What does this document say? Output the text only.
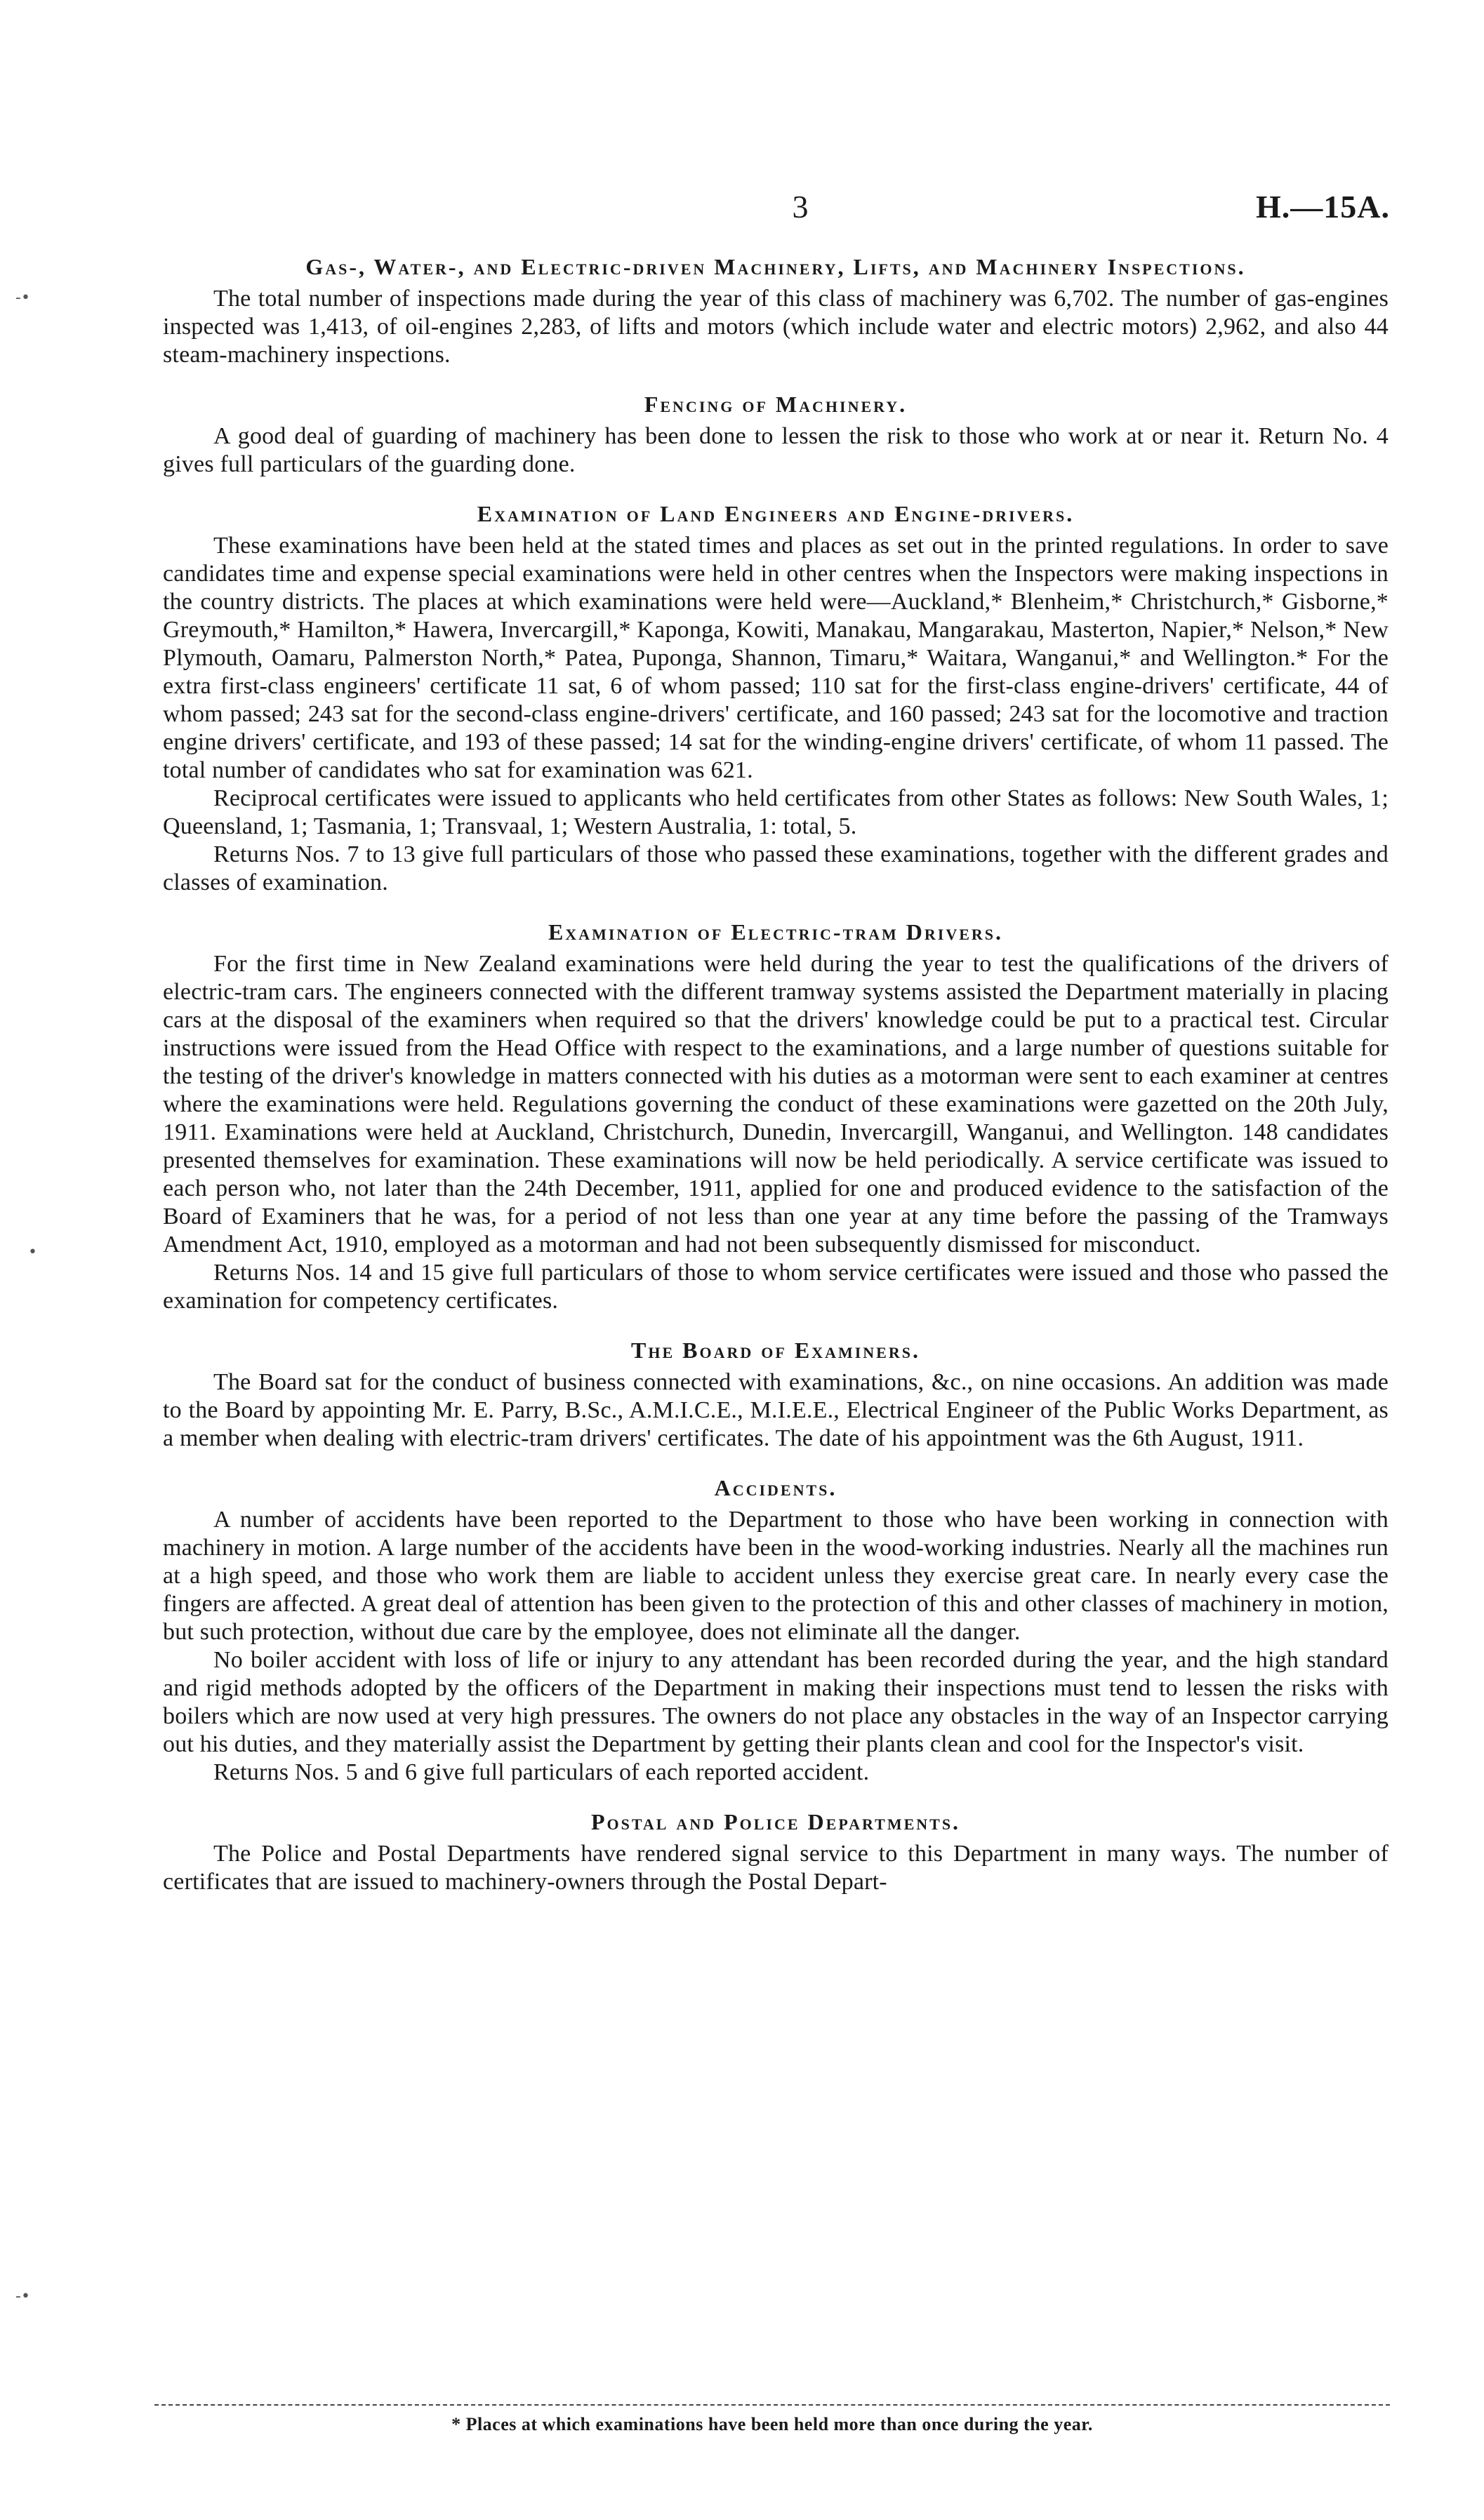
3	H.—15A.
-•
•
-•
Gas-, Water-, and Electric-driven Machinery, Lifts, and Machinery Inspections.

The total number of inspections made during the year of this class of machinery was 6,702. The number of gas-engines inspected was 1,413, of oil-engines 2,283, of lifts and motors (which include water and electric motors) 2,962, and also 44 steam-machinery inspections.

Fencing of Machinery.

A good deal of guarding of machinery has been done to lessen the risk to those who work at or near it. Return No. 4 gives full particulars of the guarding done.

Examination of Land Engineers and Engine-drivers.

These examinations have been held at the stated times and places as set out in the printed regulations. In order to save candidates time and expense special examinations were held in other centres when the Inspectors were making inspections in the country districts. The places at which examinations were held were—Auckland,* Blenheim,* Christchurch,* Gisborne,* Greymouth,* Hamilton,* Hawera, Invercargill,* Kaponga, Kowiti, Manakau, Mangarakau, Masterton, Napier,* Nelson,* New Plymouth, Oamaru, Palmerston North,* Patea, Puponga, Shannon, Timaru,* Waitara, Wanganui,* and Wellington.* For the extra first-class engineers' certificate 11 sat, 6 of whom passed; 110 sat for the first-class engine-drivers' certificate, 44 of whom passed; 243 sat for the second-class engine-drivers' certificate, and 160 passed; 243 sat for the locomotive and traction engine drivers' certificate, and 193 of these passed; 14 sat for the winding-engine drivers' certificate, of whom 11 passed. The total number of candidates who sat for examination was 621.

Reciprocal certificates were issued to applicants who held certificates from other States as follows: New South Wales, 1; Queensland, 1; Tasmania, 1; Transvaal, 1; Western Australia, 1: total, 5.

Returns Nos. 7 to 13 give full particulars of those who passed these examinations, together with the different grades and classes of examination.

Examination of Electric-tram Drivers.

For the first time in New Zealand examinations were held during the year to test the qualifications of the drivers of electric-tram cars. The engineers connected with the different tramway systems assisted the Department materially in placing cars at the disposal of the examiners when required so that the drivers' knowledge could be put to a practical test. Circular instructions were issued from the Head Office with respect to the examinations, and a large number of questions suitable for the testing of the driver's knowledge in matters connected with his duties as a motorman were sent to each examiner at centres where the examinations were held. Regulations governing the conduct of these examinations were gazetted on the 20th July, 1911. Examinations were held at Auckland, Christchurch, Dunedin, Invercargill, Wanganui, and Wellington. 148 candidates presented themselves for examination. These examinations will now be held periodically. A service certificate was issued to each person who, not later than the 24th December, 1911, applied for one and produced evidence to the satisfaction of the Board of Examiners that he was, for a period of not less than one year at any time before the passing of the Tramways Amendment Act, 1910, employed as a motorman and had not been subsequently dismissed for misconduct.

Returns Nos. 14 and 15 give full particulars of those to whom service certificates were issued and those who passed the examination for competency certificates.

The Board of Examiners.

The Board sat for the conduct of business connected with examinations, &c., on nine occasions. An addition was made to the Board by appointing Mr. E. Parry, B.Sc., A.M.I.C.E., M.I.E.E., Electrical Engineer of the Public Works Department, as a member when dealing with electric-tram drivers' certificates. The date of his appointment was the 6th August, 1911.

Accidents.

A number of accidents have been reported to the Department to those who have been working in connection with machinery in motion. A large number of the accidents have been in the wood-working industries. Nearly all the machines run at a high speed, and those who work them are liable to accident unless they exercise great care. In nearly every case the fingers are affected. A great deal of attention has been given to the protection of this and other classes of machinery in motion, but such protection, without due care by the employee, does not eliminate all the danger.

No boiler accident with loss of life or injury to any attendant has been recorded during the year, and the high standard and rigid methods adopted by the officers of the Department in making their inspections must tend to lessen the risks with boilers which are now used at very high pressures. The owners do not place any obstacles in the way of an Inspector carrying out his duties, and they materially assist the Department by getting their plants clean and cool for the Inspector's visit.

Returns Nos. 5 and 6 give full particulars of each reported accident.

Postal and Police Departments.

The Police and Postal Departments have rendered signal service to this Department in many ways. The number of certificates that are issued to machinery-owners through the Postal Depart-

* Places at which examinations have been held more than once during the year.
